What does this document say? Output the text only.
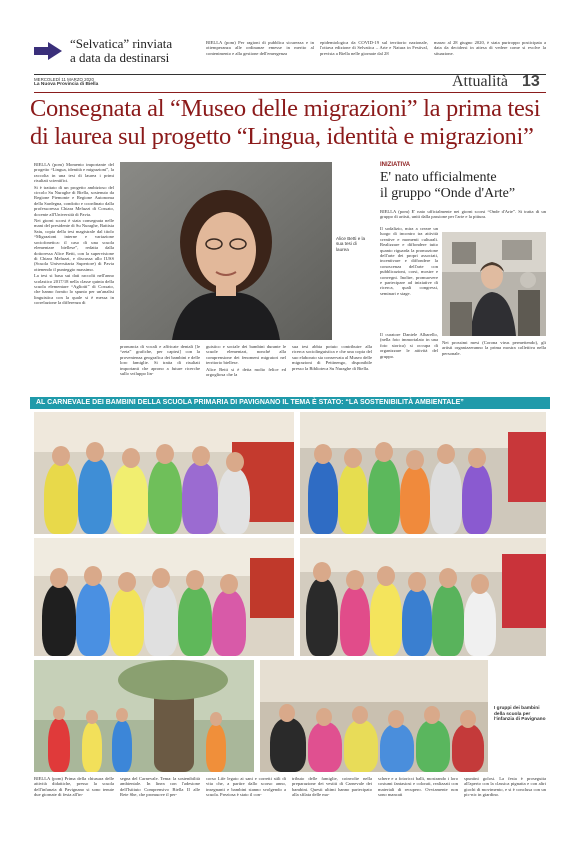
“Selvatica” rinviata
a data da destinarsi
BIELLA (pom) Per ragioni di pubblica sicurezza e in ottemperanza alle ordinanze emesse in merito al contenimento e alla gestione dell'emergenza
epidemiologica da COVID-19 sul territorio nazionale, l'ottava edizione di Selvatica – Arte e Natura in Festival, prevista a Biella nelle giornate dal 28
marzo al 28 giugno 2020, è stata purtroppo posticipata a data da decidersi in attesa di vedere come si evolve la situazione.
MERCOLEDÌ 11 MARZO 2020
La Nuova Provincia di Biella	Attualità 13
Consegnata al “Museo delle migrazioni” la prima tesi
di laurea sul progetto “Lingua, identità e migrazioni”

BIELLA (pom) Momento importante del progetto “Lingua, identità e migrazioni”, la raccolta in una tesi di laurea i primi risultati scientifici.

Si è trattato di un progetto ambizioso del circolo Su Nuraghe di Biella, sostenuto da Regione Piemonte e Regione Autonoma della Sardegna, condotto e coordinato dalla professoressa Chiara Meluzzi di Cossato, docente all'Università di Pavia.

Nei giorni scorsi è stata consegnata nelle mani del presidente di Su Nuraghe, Battista Saiu, copia della tesi magistrale dal titolo “Migrazioni interne e variazione sociofonetica: il caso di una scuola elementare biellese”, redatta dalla dottoressa Alice Betti, con la supervisione di Chiara Meluzzi, e discussa allo IUSS (Scuola Universitaria Superiore) di Pavia ottenendo il punteggio massimo.

La tesi si basa sui dati raccolti nell'anno scolastico 2017/18 nella classe quinta della scuola elementare “Agliotti” di Cossato, che hanno fornito lo spunto per un'analisi linguistica con la quale si è messa in correlazione la differenza di

Alice Betti e la sua tesi di laurea
pronuncia di vocali e affricate dentali [le “zeta” grafiche, per capirsi] con la provenienza geografica dei bambini e delle loro famiglie. Si tratta di risultati importanti che aprono a future ricerche sullo sviluppo lin-

guistico e sociale dei bambini durante le scuole elementari, nonché alla comprensione dei fenomeni migratori nel territorio biellese.

Alice Betti si è detta molto felice ed orgogliosa che la

sua tesi abbia potuto contribuire alla ricerca sociolinguistica e che una copia del suo elaborato sia conservata al Museo delle migrazioni di Pettinengo, disponibile presso la Biblioteca Su Nuraghe di Biella.
INIZIATIVA
E' nato ufficialmente
il gruppo “Onde d'Arte”
BIELLA (pom) E' nato ufficialmente nei giorni scorsi “Onde d'Arte”. Si tratta di un gruppo di artisti, uniti dalla passione per l'arte e la pittura.
Il sodalizio, mira a creare un luogo di incontro tra attività creative e momenti culturali. Realizzare e diffondere tutto quanto riguarda la promozione dell'arte dei propri associati, incentivare e diffondere la conoscenza dell'arte con pubblicazioni, corsi, mostre e convegni. Inoltre, promuovere e partecipare ad iniziative di ricerca, quali congressi, seminari e stage.
Il curatore Daniele Albarello, (nella foto immortalato in una foto storica) si occupa di organizzare le attività del gruppo.
Nei prossimi mesi (Corona virus permettendo), gli artisti organizzeranno la prima mostra collettiva nella personale.
AL CARNEVALE DEI BAMBINI DELLA SCUOLA PRIMARIA DI PAVIGNANO IL TEMA È STATO: “LA SOSTENIBILITÀ AMBIENTALE”
I gruppi dei bambini della scuola per l'infanzia di Pavignano
BIELLA (pom) Prima della chiusura delle attività didattiche, presso la scuola dell'infanzia di Pavignano si sono tenute due giornate di festa all'in-
segna del Carnevale. Tema: la sostenibilità ambientale. In linea con l'adesione dell'Istituto Comprensivo Biella II alle Rete She, che promuove il per-
corso Life legato ai sani e corretti stili di vita che, a partire dallo scorso anno, insegnanti e bambini stanno svolgendo a scuola. Preziosa è stato il con-
tributo delle famiglie, coinvolte nella preparazione dei vestiti di Carnevale dei bambini. Questi ultimi hanno partecipato alla sfilata delle ma-
schere e a fotoricci balli, mostrando i loro costumi fantasiosi e colorati, realizzati con materiali di recupero. Ovviamente non sono mancati
spuntini golosi. La festa è proseguita all'aperto con la classica pignatta e con altri giochi di movimento, e si è conclusa con un pic-nic in giardino.
